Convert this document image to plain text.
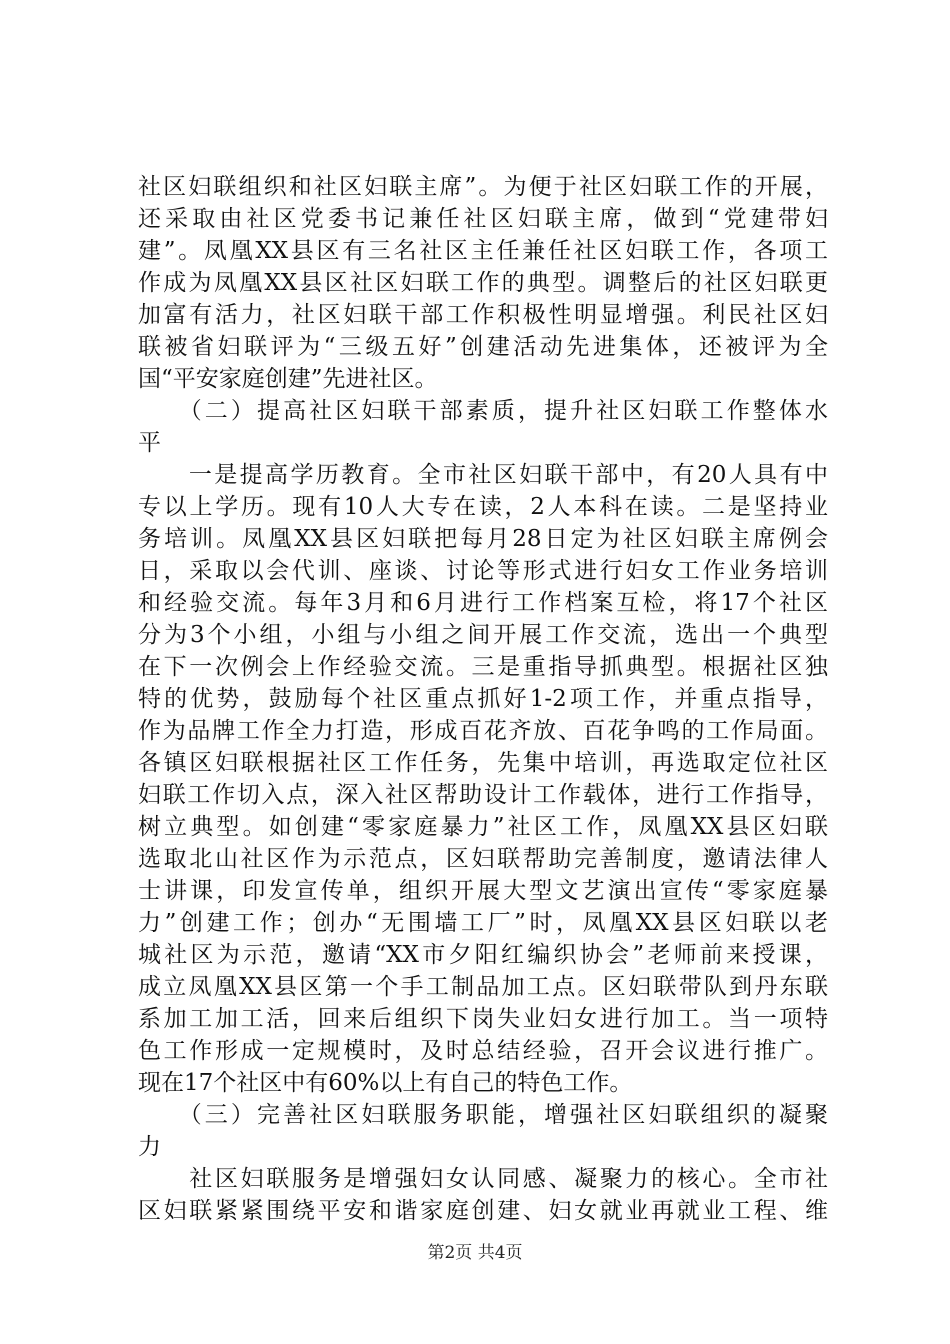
社区妇联组织和社区妇联主席”。为便于社区妇联工作的开展，
还采取由社区党委书记兼任社区妇联主席，做到“党建带妇
建”。凤凰XX县区有三名社区主任兼任社区妇联工作，各项工
作成为凤凰XX县区社区妇联工作的典型。调整后的社区妇联更
加富有活力，社区妇联干部工作积极性明显增强。利民社区妇
联被省妇联评为“三级五好”创建活动先进集体，还被评为全
国“平安家庭创建”先进社区。
　　（二）提高社区妇联干部素质，提升社区妇联工作整体水
平
　　一是提高学历教育。全市社区妇联干部中，有20人具有中
专以上学历。现有10人大专在读，2人本科在读。二是坚持业
务培训。凤凰XX县区妇联把每月28日定为社区妇联主席例会
日，采取以会代训、座谈、讨论等形式进行妇女工作业务培训
和经验交流。每年3月和6月进行工作档案互检，将17个社区
分为3个小组，小组与小组之间开展工作交流，选出一个典型
在下一次例会上作经验交流。三是重指导抓典型。根据社区独
特的优势，鼓励每个社区重点抓好1-2项工作，并重点指导，
作为品牌工作全力打造，形成百花齐放、百花争鸣的工作局面。
各镇区妇联根据社区工作任务，先集中培训，再选取定位社区
妇联工作切入点，深入社区帮助设计工作载体，进行工作指导，
树立典型。如创建“零家庭暴力”社区工作，凤凰XX县区妇联
选取北山社区作为示范点，区妇联帮助完善制度，邀请法律人
士讲课，印发宣传单，组织开展大型文艺演出宣传“零家庭暴
力”创建工作；创办“无围墙工厂”时，凤凰XX县区妇联以老
城社区为示范，邀请“XX市夕阳红编织协会”老师前来授课，
成立凤凰XX县区第一个手工制品加工点。区妇联带队到丹东联
系加工加工活，回来后组织下岗失业妇女进行加工。当一项特
色工作形成一定规模时，及时总结经验，召开会议进行推广。
现在17个社区中有60%以上有自己的特色工作。
　　（三）完善社区妇联服务职能，增强社区妇联组织的凝聚
力
　　社区妇联服务是增强妇女认同感、凝聚力的核心。全市社
区妇联紧紧围绕平安和谐家庭创建、妇女就业再就业工程、维
第2页 共4页
